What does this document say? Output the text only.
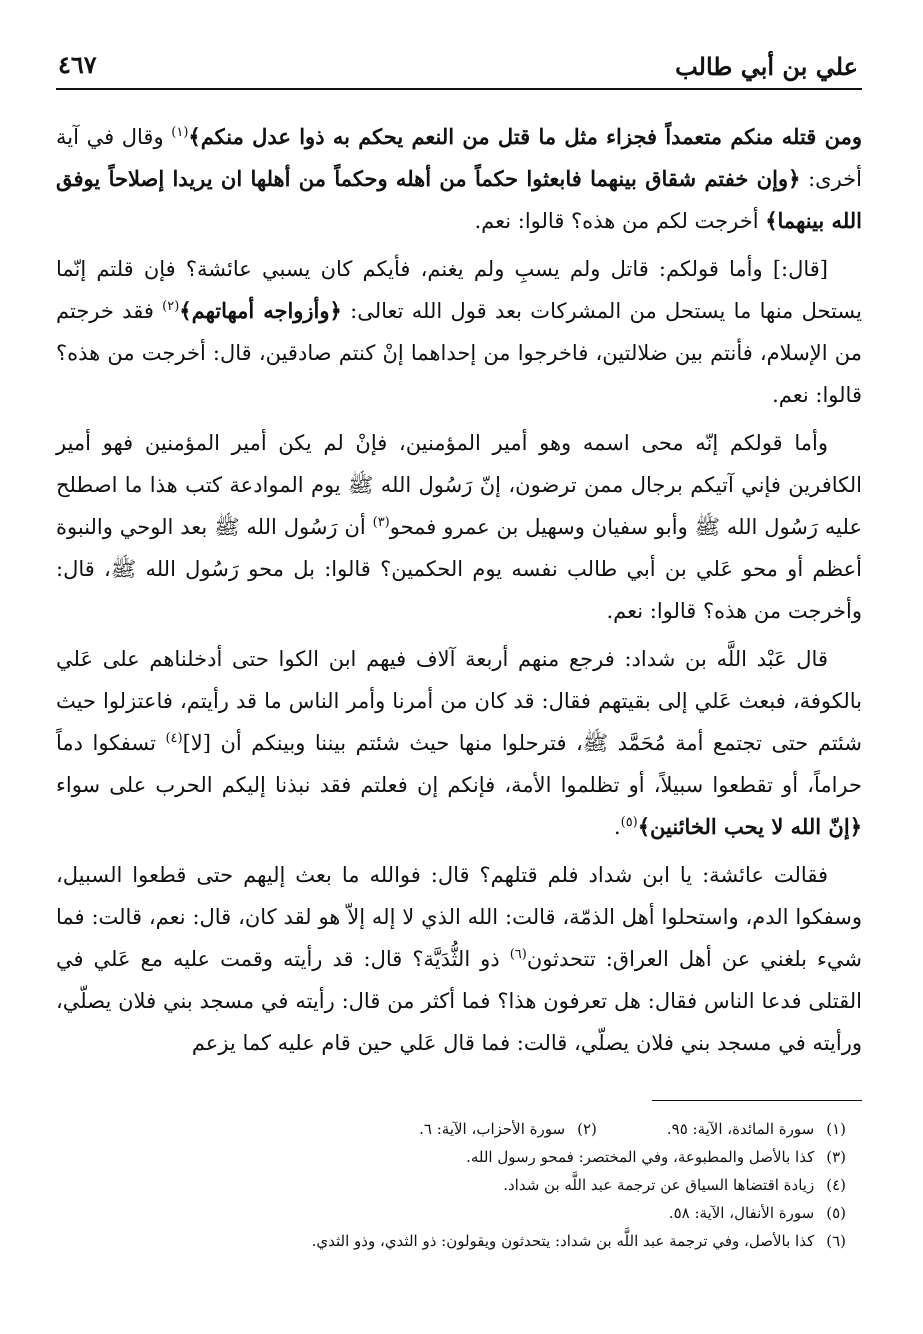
علي بن أبي طالب
٤٦٧

ومن قتله منكم متعمداً فجزاء مثل ما قتل من النعم يحكم به ذوا عدل منكم﴾$^{(١)}$ وقال في آية أخرى: ﴿وإن خفتم شقاق بينهما فابعثوا حكماً من أهله وحكماً من أهلها ان يريدا إصلاحاً يوفق الله بينهما﴾ أخرجت لكم من هذه؟ قالوا: نعم.

[قال:] وأما قولكم: قاتل ولم يسبِ ولم يغنم، فأيكم كان يسبي عائشة؟ فإن قلتم إنّما يستحل منها ما يستحل من المشركات بعد قول الله تعالى: ﴿وأزواجه أمهاتهم﴾$^{(٢)}$ فقد خرجتم من الإسلام، فأنتم بين ضلالتين، فاخرجوا من إحداهما إنْ كنتم صادقين، قال: أخرجت من هذه؟ قالوا: نعم.

وأما قولكم إنّه محى اسمه وهو أمير المؤمنين، فإنْ لم يكن أمير المؤمنين فهو أمير الكافرين فإني آتيكم برجال ممن ترضون، إنّ رَسُول الله ﷺ يوم الموادعة كتب هذا ما اصطلح عليه رَسُول الله ﷺ وأبو سفيان وسهيل بن عمرو فمحو$^{(٣)}$ أن رَسُول الله ﷺ بعد الوحي والنبوة أعظم أو محو عَلي بن أبي طالب نفسه يوم الحكمين؟ قالوا: بل محو رَسُول الله ﷺ، قال: وأخرجت من هذه؟ قالوا: نعم.

قال عَبْد اللَّه بن شداد: فرجع منهم أربعة آلاف فيهم ابن الكوا حتى أدخلناهم على عَلي بالكوفة، فبعث عَلي إلى بقيتهم فقال: قد كان من أمرنا وأمر الناس ما قد رأيتم، فاعتزلوا حيث شئتم حتى تجتمع أمة مُحَمَّد ﷺ، فترحلوا منها حيث شئتم بيننا وبينكم أن [لا]$^{(٤)}$ تسفكوا دماً حراماً، أو تقطعوا سبيلاً، أو تظلموا الأمة، فإنكم إن فعلتم فقد نبذنا إليكم الحرب على سواء ﴿إنّ الله لا يحب الخائنين﴾$^{(٥)}$.

فقالت عائشة: يا ابن شداد فلم قتلهم؟ قال: فوالله ما بعث إليهم حتى قطعوا السبيل، وسفكوا الدم، واستحلوا أهل الذمّة، قالت: الله الذي لا إله إلاّ هو لقد كان، قال: نعم، قالت: فما شيء بلغني عن أهل العراق: تتحدثون$^{(٦)}$ ذو الثُّدَيَّة؟ قال: قد رأيته وقمت عليه مع عَلي في القتلى فدعا الناس فقال: هل تعرفون هذا؟ فما أكثر من قال: رأيته في مسجد بني فلان يصلّي، ورأيته في مسجد بني فلان يصلّي، قالت: فما قال عَلي حين قام عليه كما يزعم

(١)سورة المائدة، الآية: ٩٥.
(٢)سورة الأحزاب، الآية: ٦.
(٣)
كذا بالأصل والمطبوعة، وفي المختصر: فمحو رسول الله.
(٤)
زيادة اقتضاها السياق عن ترجمة عبد اللَّه بن شداد.
(٥)
سورة الأنفال، الآية: ٥٨.
(٦)
كذا بالأصل، وفي ترجمة عبد اللَّه بن شداد: يتحدثون ويقولون: ذو الثدي، وذو الثدي.
